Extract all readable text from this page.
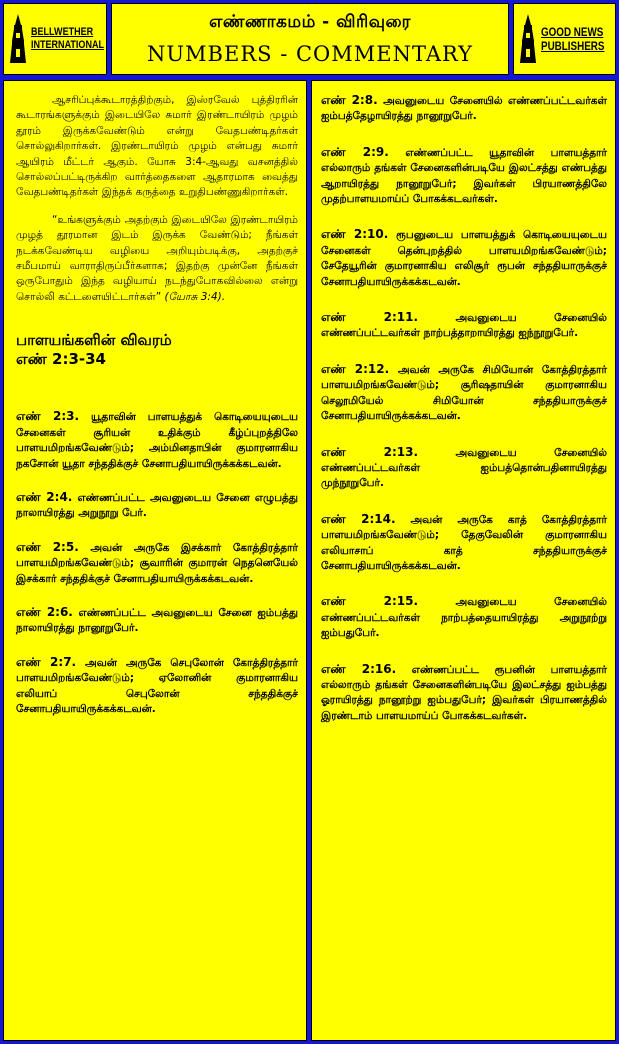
BELLWETHER
INTERNATIONAL
எண்ணாகமம் - விரிவுரை
NUMBERS - COMMENTARY
GOOD NEWS
PUBLISHERS

ஆசரிப்புக்கூடாரத்திற்கும், இஸ்ரவேல் புத்திரரின் கூடாரங்களுக்கும் இடையிலே சுமார் இரண்டாயிரம் முழம் தூரம் இருக்கவேண்டும் என்று வேதபண்டிதர்கள் சொல்லுகிறார்கள். இரண்டாயிரம் முழம் என்பது சுமார் ஆயிரம் மீட்டர் ஆகும். யோசு 3:4-ஆவது வசனத்தில் சொல்லப்பட்டிருக்கிற வார்த்தைகளை ஆதாரமாக வைத்து வேதபண்டிதர்கள் இந்தக் கருத்தை உறுதிபண்ணுகிறார்கள்.

“உங்களுக்கும் அதற்கும் இடையிலே இரண்டாயிரம் முழத் தூரமான இடம் இருக்க வேண்டும்; நீங்கள் நடக்கவேண்டிய வழியை அறியும்படிக்கு, அதற்குச் சமீபமாய் வாராதிருப்பீர்களாக; இதற்கு முன்னே நீங்கள் ஒருபோதும் இந்த வழியாய் நடந்துபோகவில்லை என்று சொல்லி கட்டளையிட்டார்கள்” (யோசு 3:4).

பாளயங்களின் விவரம்
எண் 2:3-34

எண் 2:3. யூதாவின் பாளயத்துக் கொடியையுடைய சேனைகள் சூரியன் உதிக்கும் கீழ்ப்புறத்திலே பாளயமிறங்கவேண்டும்; அம்மினதாபின் குமாரனாகிய நகசோன் யூதா சந்ததிக்குச் சேனாபதியாயிருக்கக்கடவன்.

எண் 2:4. எண்ணப்பட்ட அவனுடைய சேனை எழுபத்து நாலாயிரத்து அறுநூறு பேர்.

எண் 2:5. அவன் அருகே இசக்கார் கோத்திரத்தார் பாளயமிறங்கவேண்டும்; சூவாரின் குமாரன் நெதனெயேல் இசக்கார் சந்ததிக்குச் சேனாபதியாயிருக்கக்கடவன்.

எண் 2:6. எண்ணப்பட்ட அவனுடைய சேனை ஐம்பத்து நாலாயிரத்து நானூறுபேர்.

எண் 2:7. அவன் அருகே செபுலோன் கோத்திரத்தார் பாளயமிறங்கவேண்டும்; ஏலோனின் குமாரனாகிய எலியாப் செபுலோன் சந்ததிக்குச் சேனாபதியாயிருக்கக்கடவன்.

எண் 2:8. அவனுடைய சேனையில் எண்ணப்பட்டவர்கள் ஐம்பத்தேழாயிரத்து நானூறுபேர்.

எண் 2:9. எண்ணப்பட்ட யூதாவின் பாளயத்தார் எல்லாரும் தங்கள் சேனைகளின்படியே இலட்சத்து எண்பத்து ஆறாயிரத்து நானூறுபேர்; இவர்கள் பிரயாணத்திலே முதற்பாளயமாய்ப் போகக்கடவர்கள்.

எண் 2:10. ரூபனுடைய பாளயத்துக் கொடியையுடைய சேனைகள் தென்புறத்தில் பாளயமிறங்கவேண்டும்; சேதேயூரின் குமாரனாகிய எலிசூர் ரூபன் சந்ததியாருக்குச் சேனாபதியாயிருக்கக்கடவன்.

எண் 2:11.	அவனுடைய சேனையில் எண்ணப்பட்டவர்கள் நாற்பத்தாறாயிரத்து ஐந்நூறுபேர்.

எண் 2:12. அவன் அருகே சிமியோன் கோத்திரத்தார் பாளயமிறங்கவேண்டும்; சூரிஷதாயின் குமாரனாகிய செலூமியேல் சிமியோன் சந்ததியாருக்குச் சேனாபதியாயிருக்கக்கடவன்.

எண் 2:13.	அவனுடைய சேனையில் எண்ணப்பட்டவர்கள் ஐம்பத்தொன்பதினாயிரத்து முந்நூறுபேர்.

எண் 2:14. அவன் அருகே காத் கோத்திரத்தார் பாளயமிறங்கவேண்டும்; தேகுவேலின் குமாரனாகிய எலியாசாப் காத் சந்ததியாருக்குச் சேனாபதியாயிருக்கக்கடவன்.

எண் 2:15.	அவனுடைய சேனையில் எண்ணப்பட்டவர்கள் நாற்பத்தையாயிரத்து அறுநூற்று ஐம்பதுபேர்.

எண் 2:16. எண்ணப்பட்ட ரூபனின் பாளயத்தார் எல்லாரும் தங்கள் சேனைகளின்படியே இலட்சத்து ஐம்பத்து ஓராயிரத்து நானூற்று ஐம்பதுபேர்; இவர்கள் பிரயாணத்தில் இரண்டாம் பாளயமாய்ப் போகக்கடவர்கள்.
